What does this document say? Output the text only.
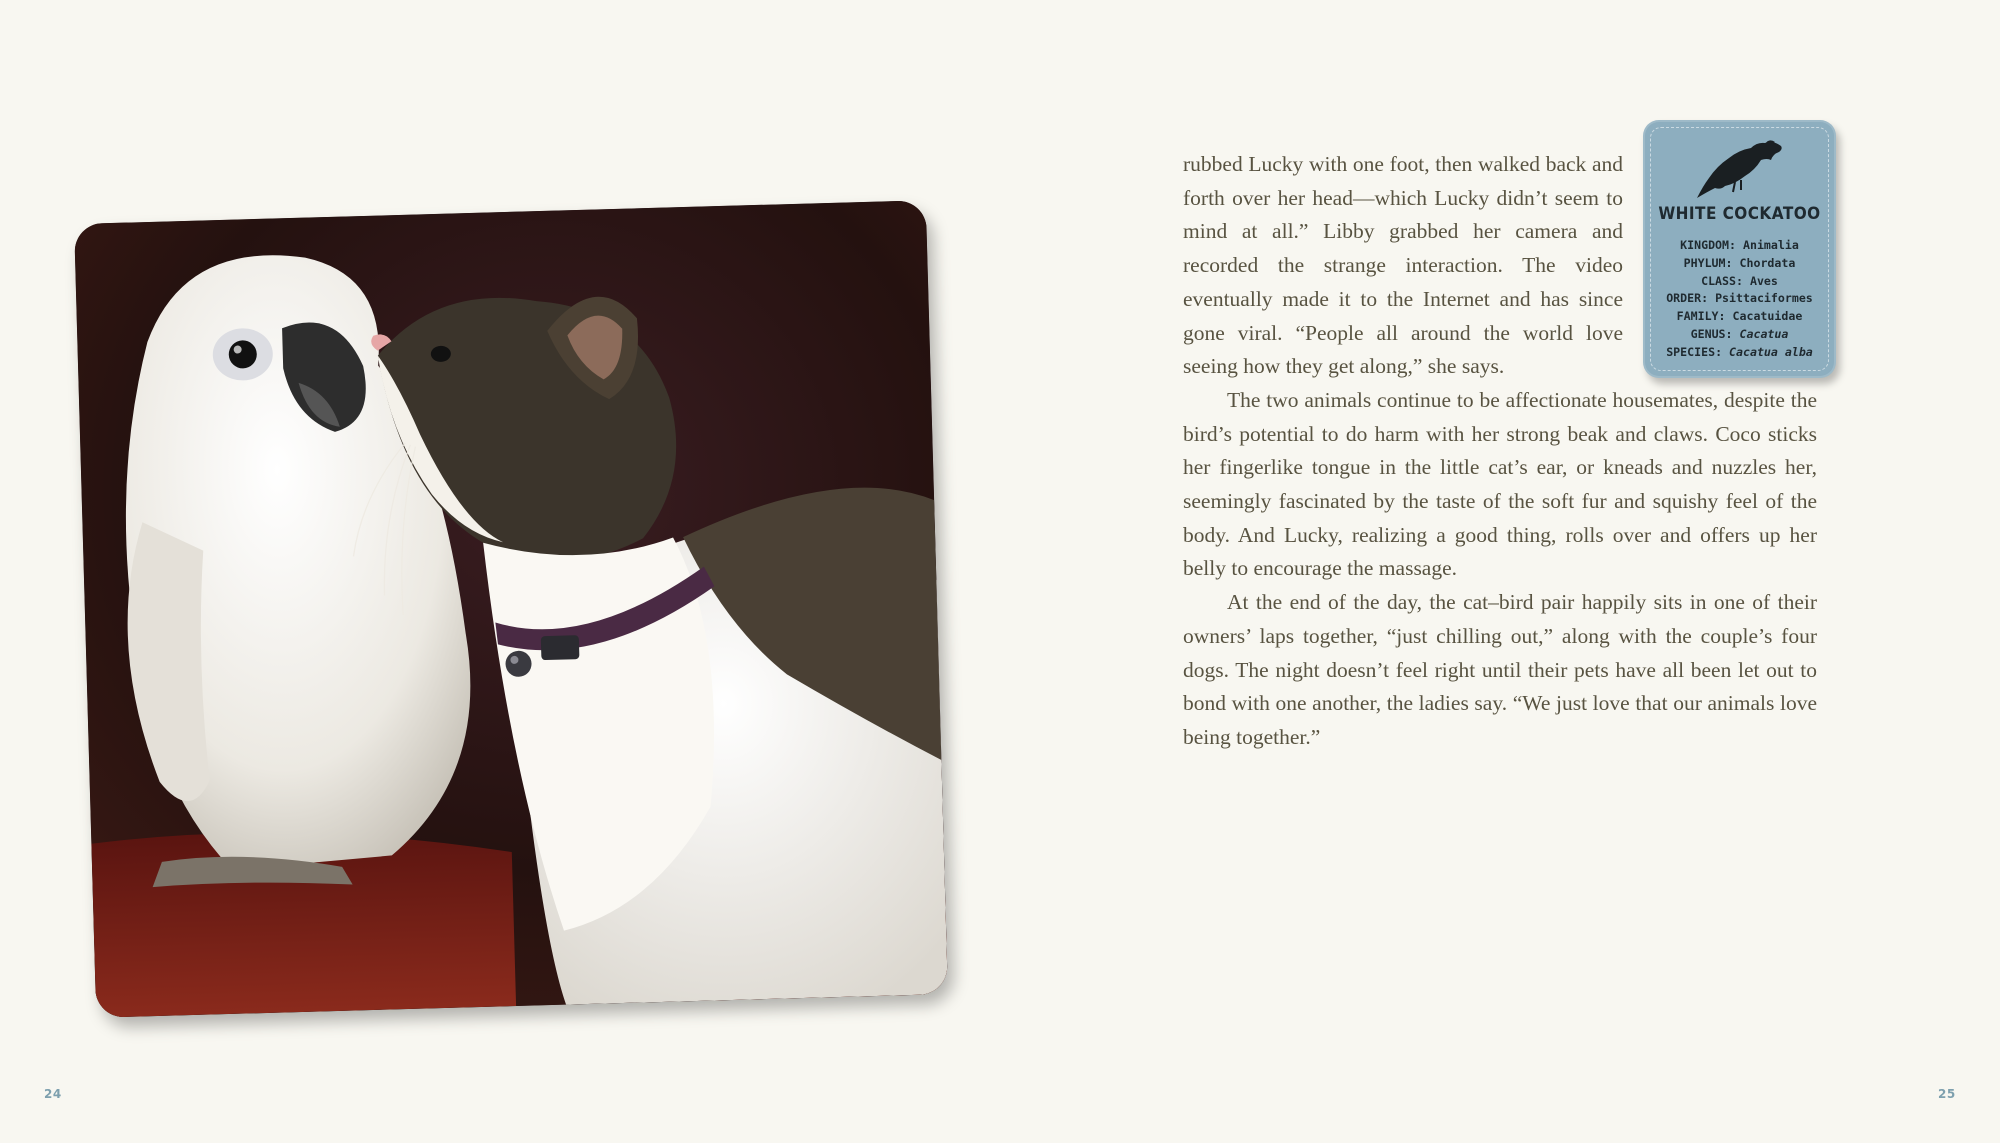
rubbed Lucky with one foot, then walked back and forth over her head—which Lucky didn’t seem to mind at all.” Libby grabbed her camera and recorded the strange interaction. The video eventually made it to the Internet and has since gone viral. “People all around the world love seeing how they get along,” she says.

The two animals continue to be affectionate housemates, despite the bird’s potential to do harm with her strong beak and claws. Coco sticks her fingerlike tongue in the little cat’s ear, or kneads and nuzzles her, seemingly fascinated by the taste of the soft fur and squishy feel of the body. And Lucky, realizing a good thing, rolls over and offers up her belly to encourage the massage.

At the end of the day, the cat–bird pair happily sits in one of their owners’ laps together, “just chilling out,” along with the couple’s four dogs. The night doesn’t feel right until their pets have all been let out to bond with one another, the ladies say. “We just love that our animals love being together.”

WHITE COCKATOO
KINGDOM: Animalia
PHYLUM: Chordata
CLASS: Aves
ORDER: Psittaciformes
FAMILY: Cacatuidae
GENUS: Cacatua
SPECIES: Cacatua alba
24	25
